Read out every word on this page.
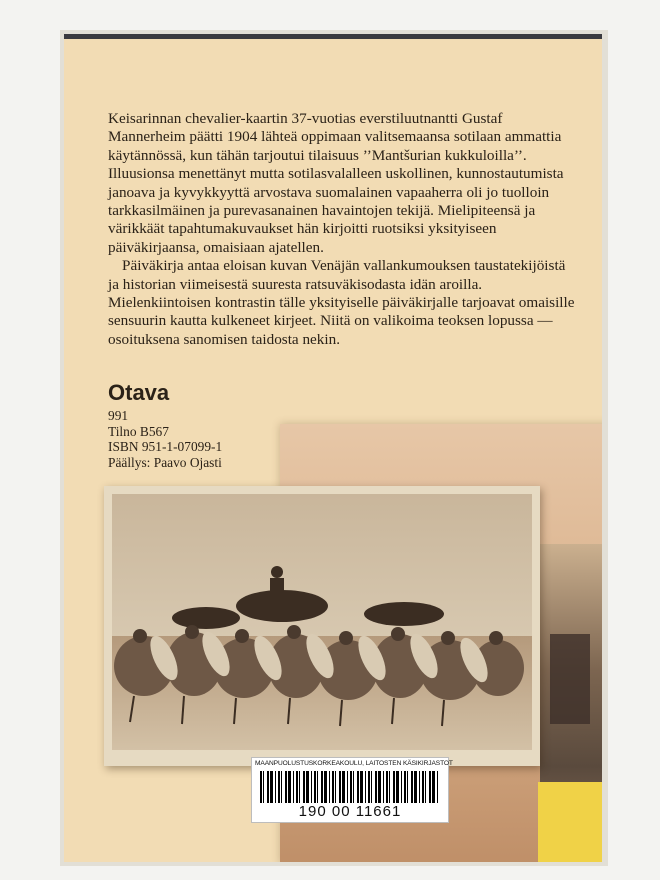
Keisarinnan chevalier-kaartin 37-vuotias everstiluutnantti Gustaf Mannerheim päätti 1904 lähteä oppimaan valitsemaansa sotilaan ammattia käytännössä, kun tähän tarjoutui tilaisuus ’’Mantšurian kukkuloilla’’. Illuusionsa menettänyt mutta sotilasvalalleen uskollinen, kunnostautumista janoava ja kyvykkyyttä arvostava suomalainen vapaaherra oli jo tuolloin tarkkasilmäinen ja purevasanainen havaintojen tekijä. Mielipiteensä ja värikkäät tapahtumakuvaukset hän kirjoitti ruotsiksi yksityiseen päiväkirjaansa, omaisiaan ajatellen.

Päiväkirja antaa eloisan kuvan Venäjän vallankumouksen taustatekijöistä ja historian viimeisestä suuresta ratsuväkisodasta idän aroilla. Mielenkiintoisen kontrastin tälle yksityiselle päiväkirjalle tarjoavat omaisille sensuurin kautta kulkeneet kirjeet. Niitä on valikoima teoksen lopussa — osoituksena sanomisen taidosta nekin.

Otava
991
Tilno B567
ISBN 951-1-07099-1
Päällys: Paavo Ojasti
MAANPUOLUSTUSKORKEAKOULU, LAITOSTEN KÄSIKIRJASTOT
190 00 11661
